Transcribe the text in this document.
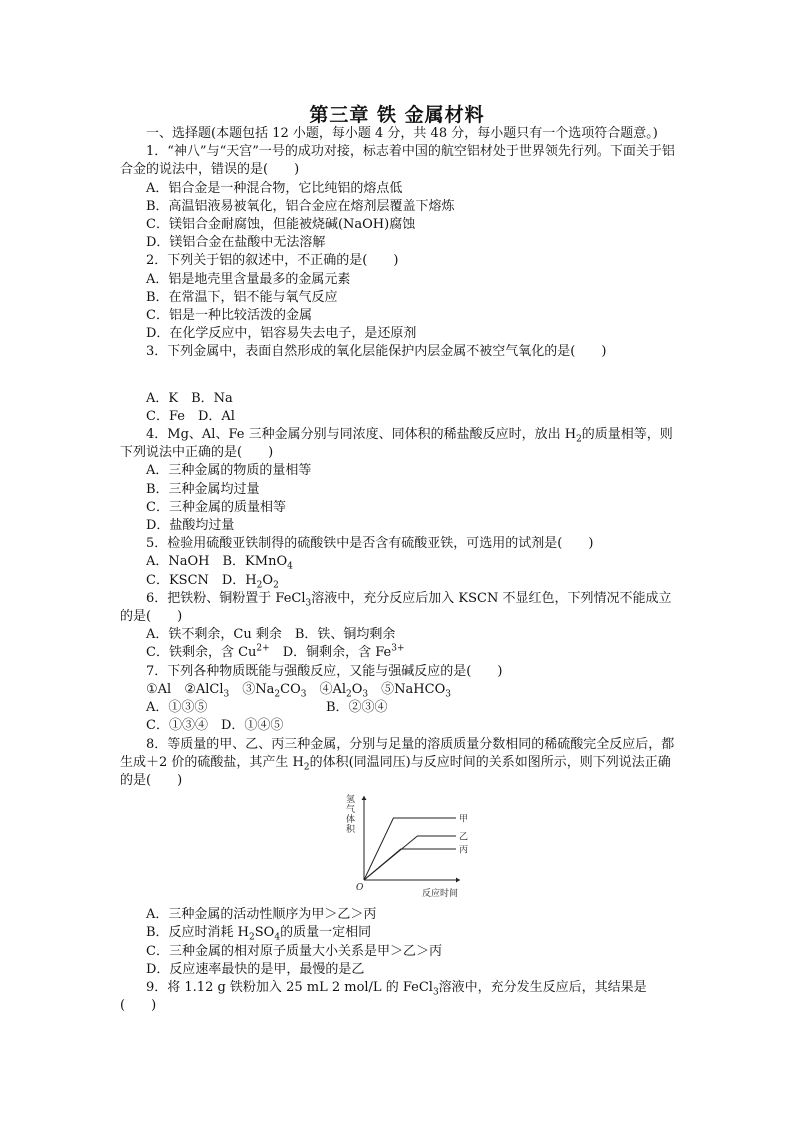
第三章 铁 金属材料

一、选择题(本题包括 12 小题，每小题 4 分，共 48 分，每小题只有一个选项符合题意。)

1．“神八”与“天宫”一号的成功对接，标志着中国的航空铝材处于世界领先行列。下面关于铝合金的说法中，错误的是(　　)

A．铝合金是一种混合物，它比纯铝的熔点低

B．高温铝液易被氧化，铝合金应在熔剂层覆盖下熔炼

C．镁铝合金耐腐蚀，但能被烧碱(NaOH)腐蚀

D．镁铝合金在盐酸中无法溶解

2．下列关于铝的叙述中，不正确的是(　　)

A．铝是地壳里含量最多的金属元素

B．在常温下，铝不能与氧气反应

C．铝是一种比较活泼的金属

D．在化学反应中，铝容易失去电子，是还原剂

3．下列金属中，表面自然形成的氧化层能保护内层金属不被空气氧化的是(　　)

A．K　B．Na

C．Fe　D．Al

4．Mg、Al、Fe 三种金属分别与同浓度、同体积的稀盐酸反应时，放出 $H_2$的质量相等，则下列说法中正确的是(　　)

A．三种金属的物质的量相等

B．三种金属均过量

C．三种金属的质量相等

D．盐酸均过量

5．检验用硫酸亚铁制得的硫酸铁中是否含有硫酸亚铁，可选用的试剂是(　　)

A．NaOH　B．KMnO$_4$

C．KSCN　D．$H_2O_2$

6．把铁粉、铜粉置于 FeCl$_3$溶液中，充分反应后加入 KSCN 不显红色，下列情况不能成立的是(　　)

A．铁不剩余，Cu 剩余　B．铁、铜均剩余

C．铁剩余，含 $Cu^{2+}$　D．铜剩余，含 $Fe^{3+}$

7．下列各种物质既能与强酸反应，又能与强碱反应的是(　　)

①Al　②AlCl$_3$　$③Na_2CO_3$　$④Al_2O_3$　⑤NaHCO$_3$

A．①③⑤	B．②③④

C．①③④　D．①④⑤

8．等质量的甲、乙、丙三种金属，分别与足量的溶质质量分数相同的稀硫酸完全反应后，都生成＋2 价的硫酸盐，其产生 $H_2$的体积(同温同压)与反应时间的关系如图所示，则下列说法正确的是(　　)

甲
乙
丙
氢
气
体
积
反应时间
O

A．三种金属的活动性顺序为甲＞乙＞丙

B．反应时消耗 $H_2SO_4$的质量一定相同

C．三种金属的相对原子质量大小关系是甲＞乙＞丙

D．反应速率最快的是甲，最慢的是乙

9．将 1.12 g 铁粉加入 25 mL 2 mol/L 的 FeCl$_3$溶液中，充分发生反应后，其结果是(　　)
